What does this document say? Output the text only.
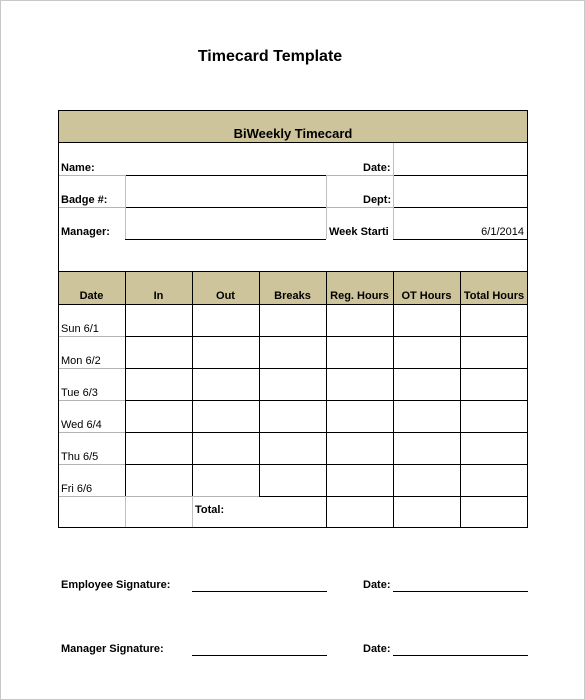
Timecard Template
BiWeekly Timecard
Name:	Date:
Badge #:	Dept:
Manager:	Week Starti	6/1/2014
Date	In	Out	Breaks	Reg. Hours	OT Hours	Total Hours
Sun 6/1
Mon 6/2
Tue 6/3
Wed 6/4
Thu 6/5
Fri 6/6
Total:
Employee Signature:	Date:
Manager Signature:	Date:
